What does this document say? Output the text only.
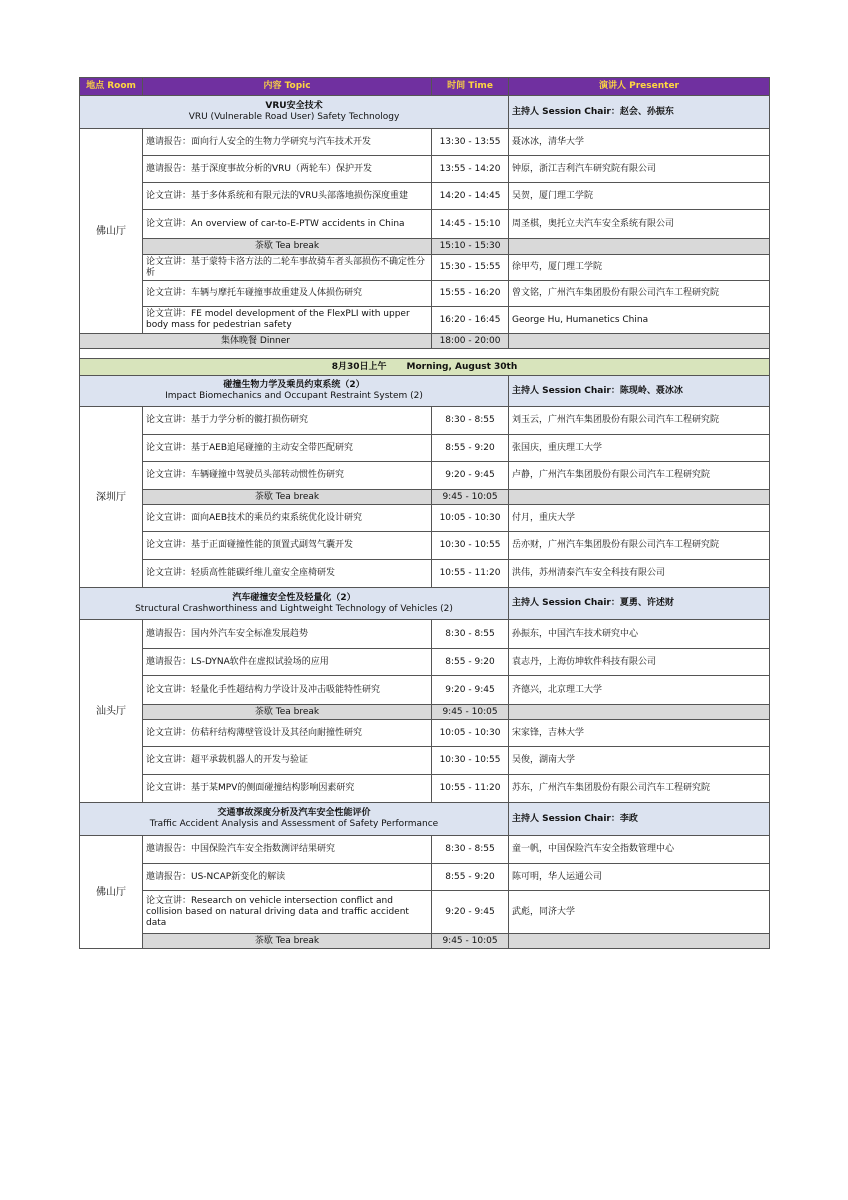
地点 Room	内容 Topic	时间 Time	演讲人 Presenter

VRU安全技术
VRU (Vulnerable Road User) Safety Technology			主持人 Session Chair：赵会、孙振东
佛山厅	邀请报告：面向行人安全的生物力学研究与汽车技术开发	13:30 - 13:55	聂冰冰，清华大学
	邀请报告：基于深度事故分析的VRU（两轮车）保护开发	13:55 - 14:20	钟原，浙江吉利汽车研究院有限公司
	论文宣讲：基于多体系统和有限元法的VRU头部落地损伤深度重建	14:20 - 14:45	吴贺，厦门理工学院
	论文宣讲：An overview of car-to-E-PTW accidents in China	14:45 - 15:10	周圣棋，奥托立夫汽车安全系统有限公司
	茶歇 Tea break	15:10 - 15:30	
	论文宣讲：基于蒙特卡洛方法的二轮车事故骑车者头部损伤不确定性分析	15:30 - 15:55	徐甲芍，厦门理工学院
	论文宣讲：车辆与摩托车碰撞事故重建及人体损伤研究	15:55 - 16:20	曾文铭，广州汽车集团股份有限公司汽车工程研究院
	论文宣讲：FE model development of the FlexPLI with upper body mass for pedestrian safety	16:20 - 16:45	George Hu, Humanetics China
集体晚餐 Dinner		18:00 - 20:00	

8月30日上午 Morning, August 30th			

碰撞生物力学及乘员约束系统（2）
Impact Biomechanics and Occupant Restraint System (2)			主持人 Session Chair：陈现岭、聂冰冰
深圳厅	论文宣讲：基于力学分析的髋打损伤研究	8:30 - 8:55	刘玉云，广州汽车集团股份有限公司汽车工程研究院
	论文宣讲：基于AEB追尾碰撞的主动安全带匹配研究	8:55 - 9:20	张国庆，重庆理工大学
	论文宣讲：车辆碰撞中驾驶员头部转动惯性伤研究	9:20 - 9:45	卢静，广州汽车集团股份有限公司汽车工程研究院
	茶歇 Tea break	9:45 - 10:05	
	论文宣讲：面向AEB技术的乘员约束系统优化设计研究	10:05 - 10:30	付月，重庆大学
	论文宣讲：基于正面碰撞性能的顶置式副驾气囊开发	10:30 - 10:55	岳亦财，广州汽车集团股份有限公司汽车工程研究院
	论文宣讲：轻质高性能碳纤维儿童安全座椅研发	10:55 - 11:20	洪伟，苏州清泰汽车安全科技有限公司

汽车碰撞安全性及轻量化（2）
Structural Crashworthiness and Lightweight Technology of Vehicles (2)			主持人 Session Chair：夏勇、许述财
汕头厅	邀请报告：国内外汽车安全标准发展趋势	8:30 - 8:55	孙振东，中国汽车技术研究中心
	邀请报告：LS-DYNA软件在虚拟试验场的应用	8:55 - 9:20	袁志丹，上海仿坤软件科技有限公司
	论文宣讲：轻量化手性超结构力学设计及冲击吸能特性研究	9:20 - 9:45	齐德兴，北京理工大学
	茶歇 Tea break	9:45 - 10:05	
	论文宣讲：仿秸秆结构薄壁管设计及其径向耐撞性研究	10:05 - 10:30	宋家锋，吉林大学
	论文宣讲：超平承载机器人的开发与验证	10:30 - 10:55	吴俊，湖南大学
	论文宣讲：基于某MPV的侧面碰撞结构影响因素研究	10:55 - 11:20	苏东，广州汽车集团股份有限公司汽车工程研究院

交通事故深度分析及汽车安全性能评价
Traffic Accident Analysis and Assessment of Safety Performance			主持人 Session Chair：李政
佛山厅	邀请报告：中国保险汽车安全指数测评结果研究	8:30 - 8:55	童一帆，中国保险汽车安全指数管理中心
	邀请报告：US-NCAP新变化的解读	8:55 - 9:20	陈可明，华人运通公司
	论文宣讲：Research on vehicle intersection conflict and collision based on natural driving data and traffic accident data	9:20 - 9:45	武彪，同济大学
	茶歇 Tea break	9:45 - 10:05	
